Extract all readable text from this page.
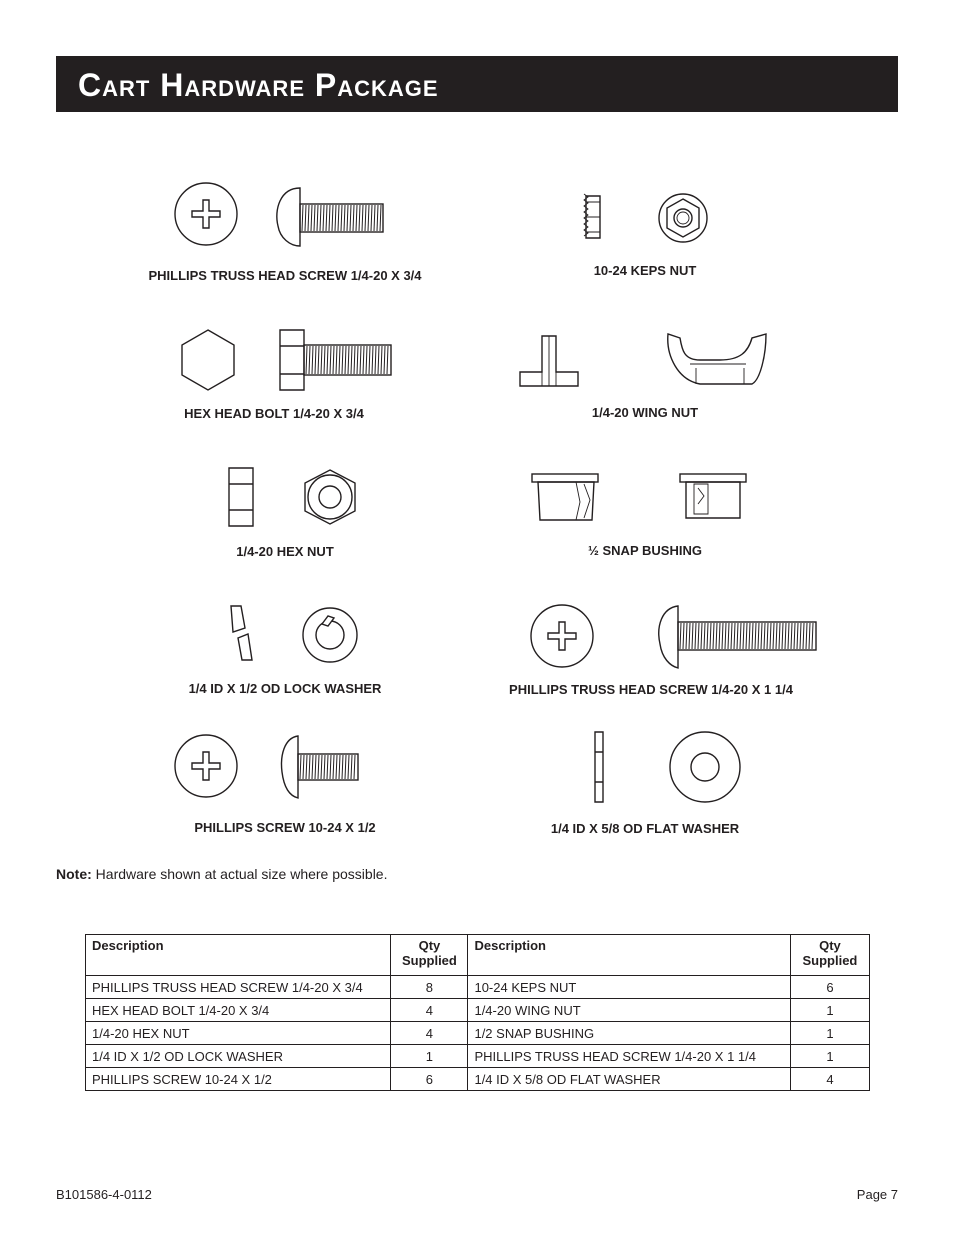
Cart Hardware Package
PHILLIPS TRUSS HEAD SCREW 1/4-20 X 3/4	10-24 KEPS NUT
HEX HEAD BOLT 1/4-20 X 3/4	1/4-20 WING NUT
1/4-20 HEX NUT	½ SNAP BUSHING
1/4 ID X 1/2 OD LOCK WASHER	PHILLIPS TRUSS HEAD SCREW 1/4-20 X 1 1/4
PHILLIPS SCREW 10-24 X 1/2	1/4 ID X 5/8 OD FLAT WASHER
Note: Hardware shown at actual size where possible.
Description	Qty Supplied	Description	Qty Supplied
PHILLIPS TRUSS HEAD SCREW 1/4-20 X 3/4	8	10-24 KEPS NUT	6
HEX HEAD BOLT 1/4-20 X 3/4	4	1/4-20 WING NUT	1
1/4-20 HEX NUT	4	1/2 SNAP BUSHING	1
1/4 ID X 1/2 OD LOCK WASHER	1	PHILLIPS TRUSS HEAD SCREW 1/4-20 X 1 1/4	1
PHILLIPS SCREW 10-24 X 1/2	6	1/4 ID X 5/8 OD FLAT WASHER	4
B101586-4-0112	Page 7
